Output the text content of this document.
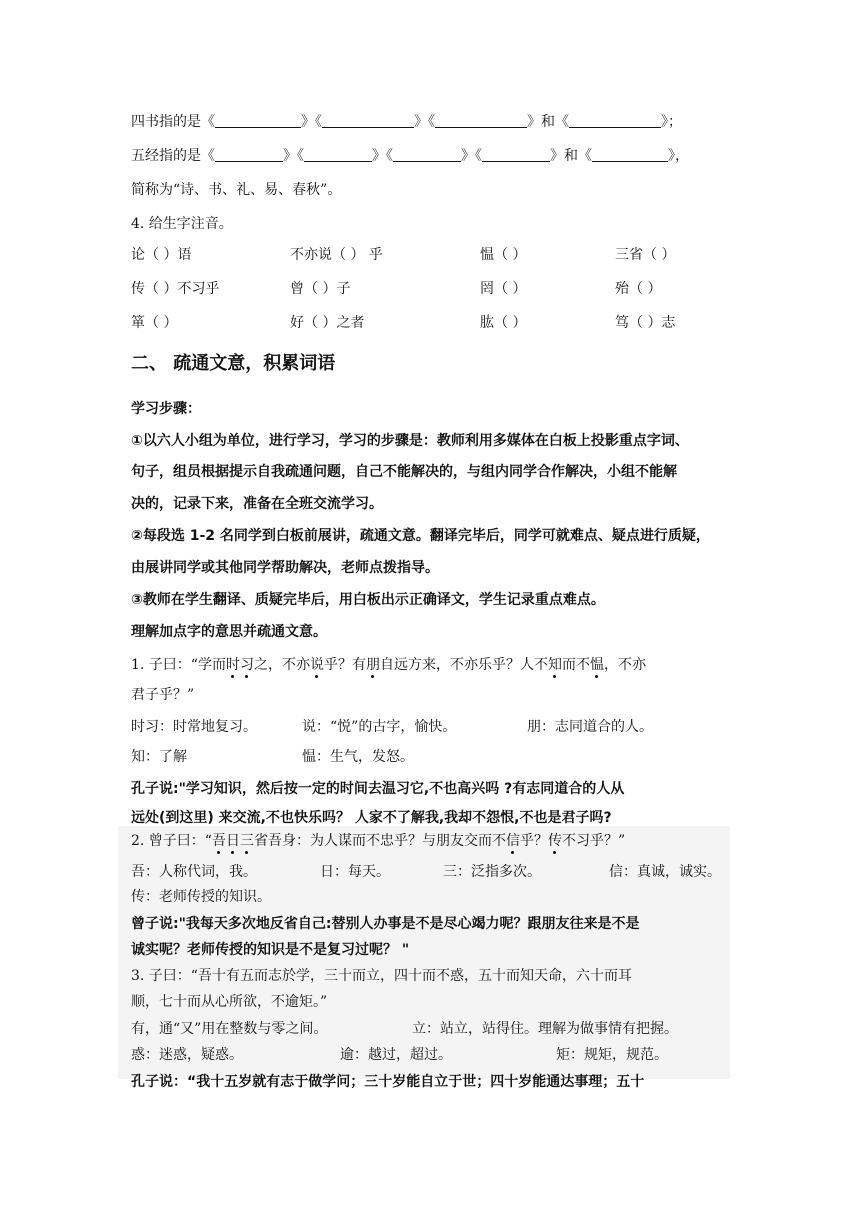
四书指的是《	》《	》《	》和《	》；
五经指的是《	》《	》《	》《	》和《	》，
简称为“诗、书、礼、易、春秋”。
4. 给生字注音。
论（ ）语	不亦说（ ） 乎	愠（ ）	三省（ ）
传（ ）不习乎	曾（ ）子	罔（ ）	殆（ ）
箪（ ）	好（ ）之者	肱（ ）	笃（ ）志
二、 疏通文意，积累词语
学习步骤：
①以六人小组为单位，进行学习，学习的步骤是：教师利用多媒体在白板上投影重点字词、
句子，组员根据提示自我疏通问题，自己不能解决的，与组内同学合作解决，小组不能解
决的，记录下来，准备在全班交流学习。
②每段选 1-2 名同学到白板前展讲，疏通文意。翻译完毕后，同学可就难点、疑点进行质疑，
由展讲同学或其他同学帮助解决，老师点拨指导。
③教师在学生翻译、质疑完毕后，用白板出示正确译文，学生记录重点难点。
理解加点字的意思并疏通文意。
1. 子曰：“学而时习之，不亦说乎？有朋自远方来，不亦乐乎？人不知而不愠，不亦
君子乎？”
时习：时常地复习。	说：“悦”的古字，愉快。	朋：志同道合的人。
知：了解	愠：生气，发怒。
孔子说:"学习知识，然后按一定的时间去温习它,不也高兴吗 ?有志同道合的人从
远处(到这里) 来交流,不也快乐吗？ 人家不了解我,我却不怨恨,不也是君子吗?
2. 曾子曰：“吾日三省吾身：为人谋而不忠乎？与朋友交而不信乎？传不习乎？”
吾：人称代词，我。	日：每天。	三：泛指多次。	信：真诚，诚实。
传：老师传授的知识。
曾子说:"我每天多次地反省自己:替别人办事是不是尽心竭力呢？跟朋友往来是不是
诚实呢？老师传授的知识是不是复习过呢？ "
3. 子曰：“吾十有五而志於学，三十而立，四十而不惑，五十而知天命，六十而耳
顺，七十而从心所欲，不逾矩。”
有，通“又”用在整数与零之间。	立：站立，站得住。理解为做事情有把握。
惑：迷惑，疑惑。	逾：越过，超过。	矩：规矩，规范。
孔子说：“我十五岁就有志于做学问；三十岁能自立于世；四十岁能通达事理；五十
